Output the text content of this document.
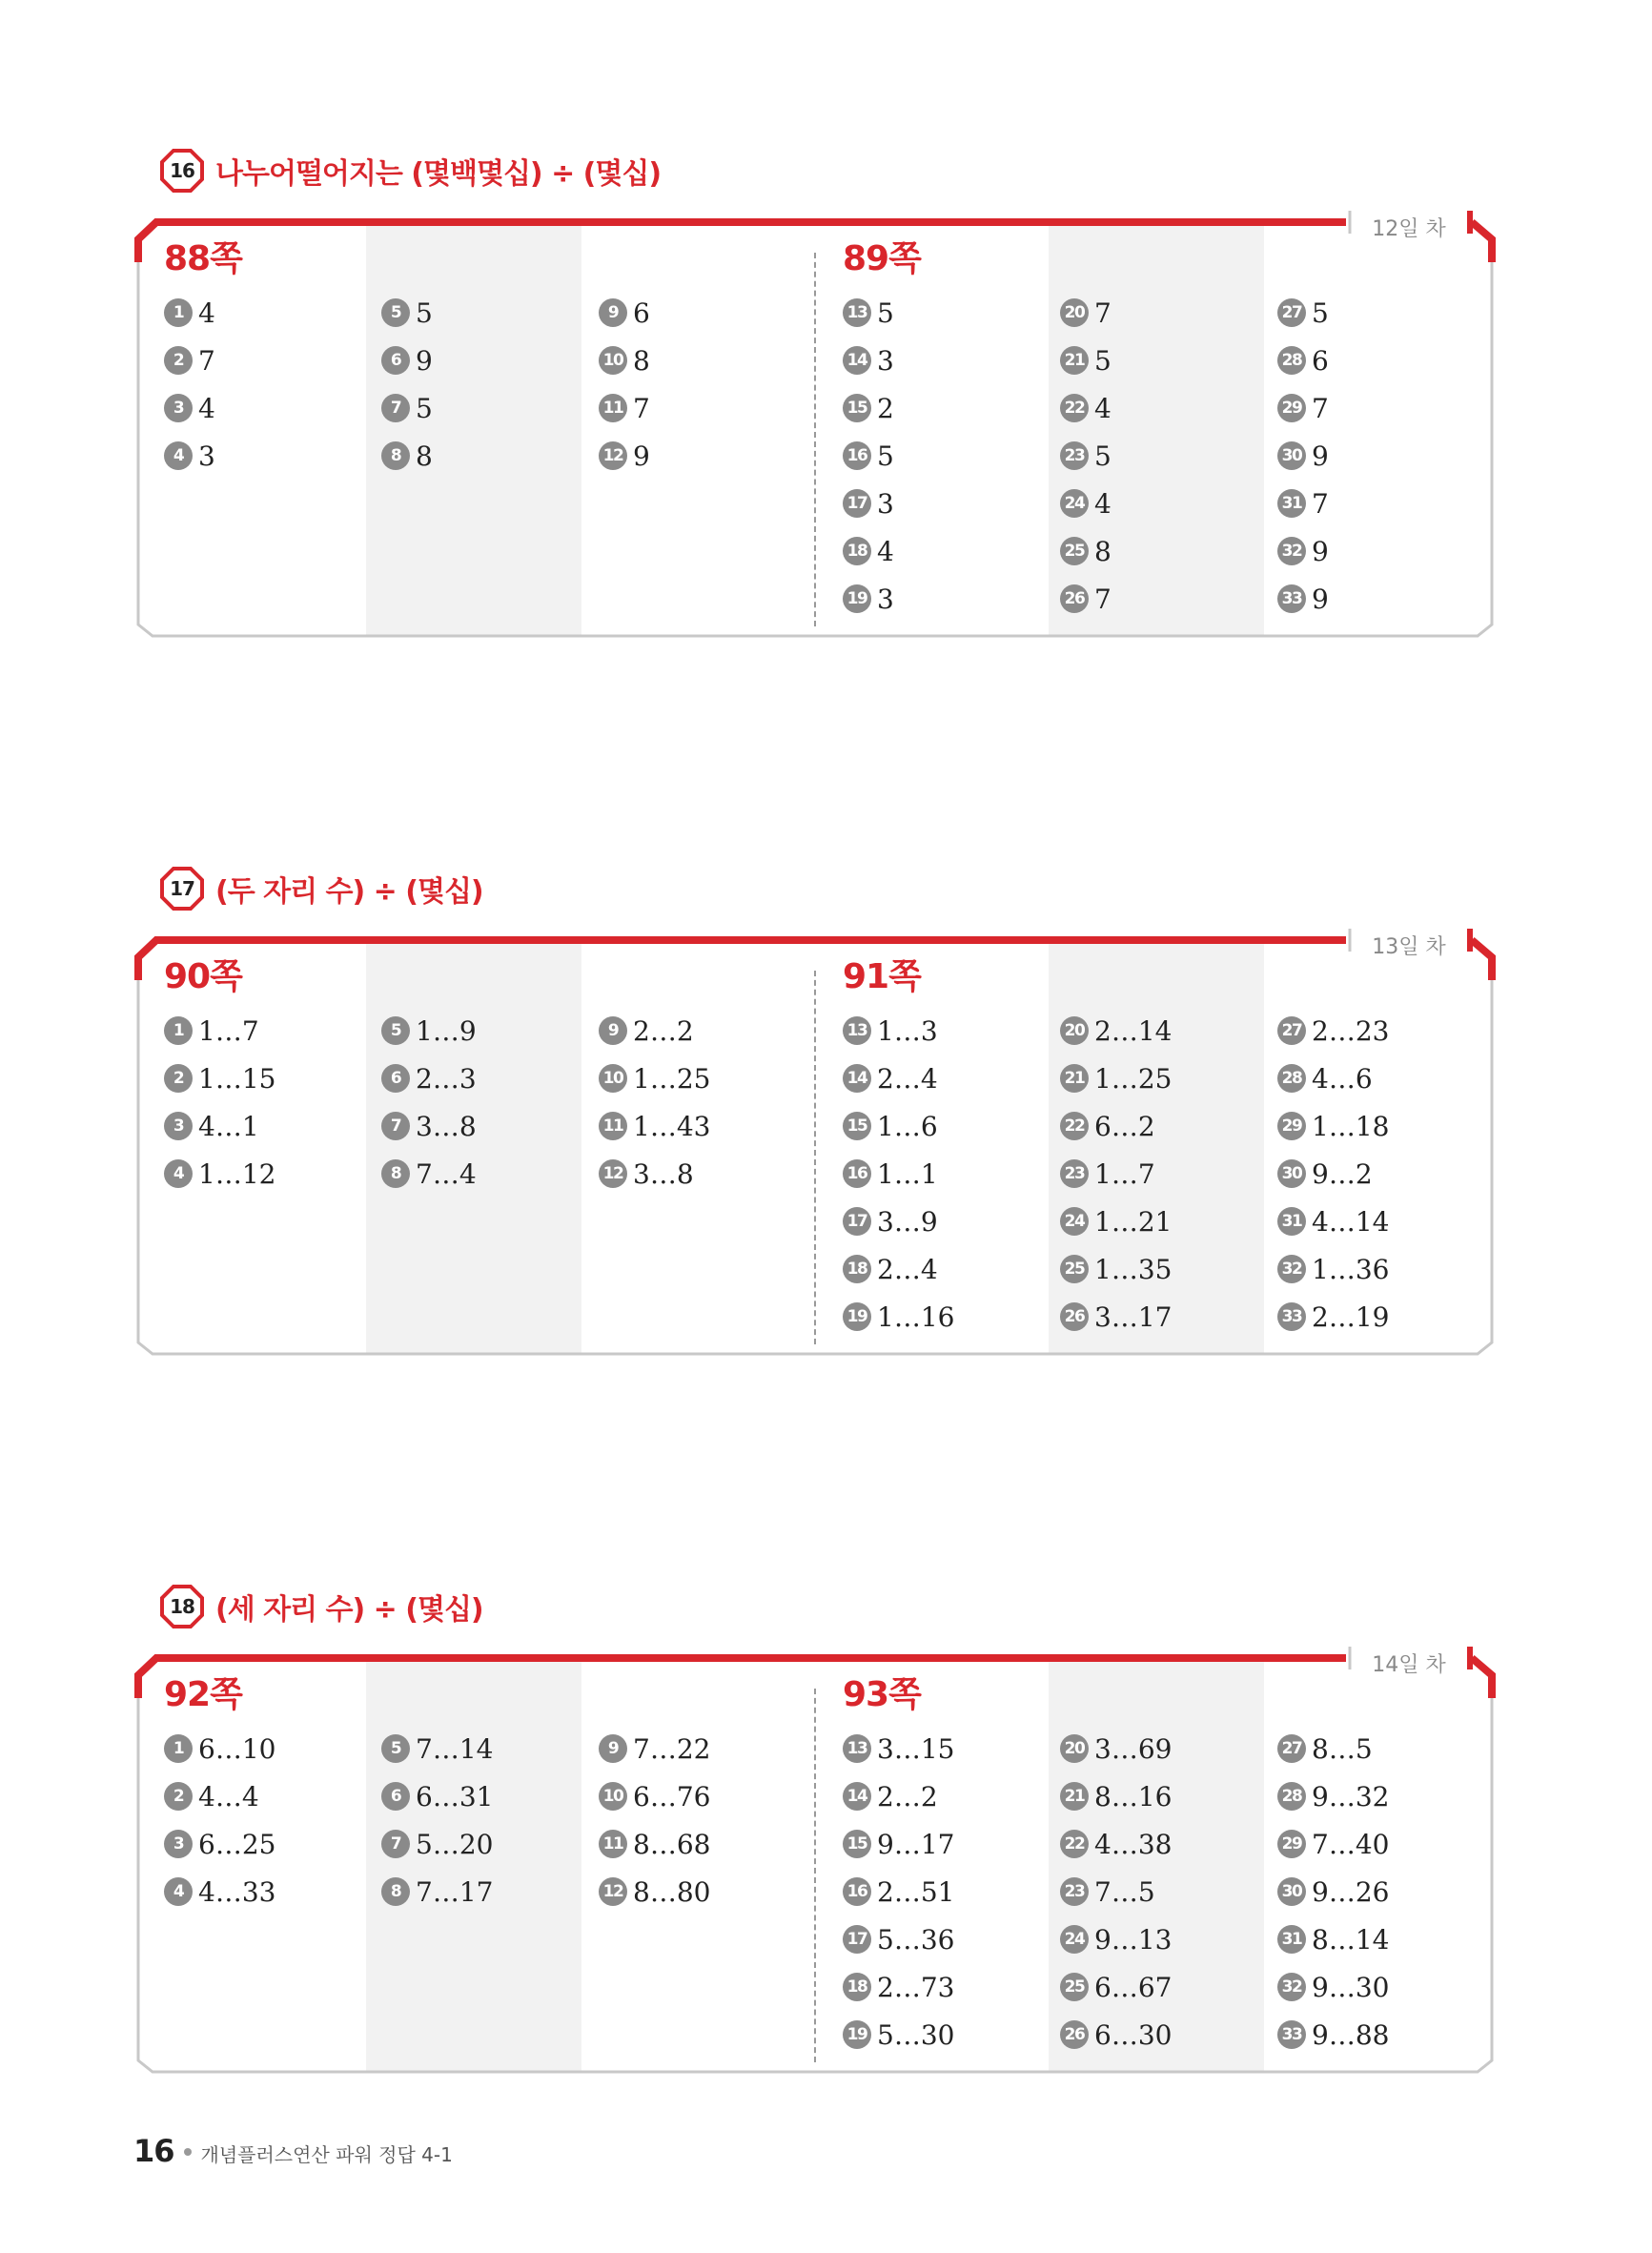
16 나누어떨어지는 (몇백몇십) ÷ (몇십)
12일 차
88쪽
1 4
2 7
3 4
4 3
5 5
6 9
7 5
8 8
9 6
10 8
11 7
12 9
89쪽
13 5
14 3
15 2
16 5
17 3
18 4
19 3
20 7
21 5
22 4
23 5
24 4
25 8
26 7
27 5
28 6
29 7
30 9
31 7
32 9
33 9
17 (두 자리 수) ÷ (몇십)
13일 차
90쪽
1 1…7
2 1…15
3 4…1
4 1…12
5 1…9
6 2…3
7 3…8
8 7…4
9 2…2
10 1…25
11 1…43
12 3…8
91쪽
13 1…3
14 2…4
15 1…6
16 1…1
17 3…9
18 2…4
19 1…16
20 2…14
21 1…25
22 6…2
23 1…7
24 1…21
25 1…35
26 3…17
27 2…23
28 4…6
29 1…18
30 9…2
31 4…14
32 1…36
33 2…19
18 (세 자리 수) ÷ (몇십)
14일 차
92쪽
1 6…10
2 4…4
3 6…25
4 4…33
5 7…14
6 6…31
7 5…20
8 7…17
9 7…22
10 6…76
11 8…68
12 8…80
93쪽
13 3…15
14 2…2
15 9…17
16 2…51
17 5…36
18 2…73
19 5…30
20 3…69
21 8…16
22 4…38
23 7…5
24 9…13
25 6…67
26 6…30
27 8…5
28 9…32
29 7…40
30 9…26
31 8…14
32 9…30
33 9…88
16 개념플러스연산 파워 정답 4-1
